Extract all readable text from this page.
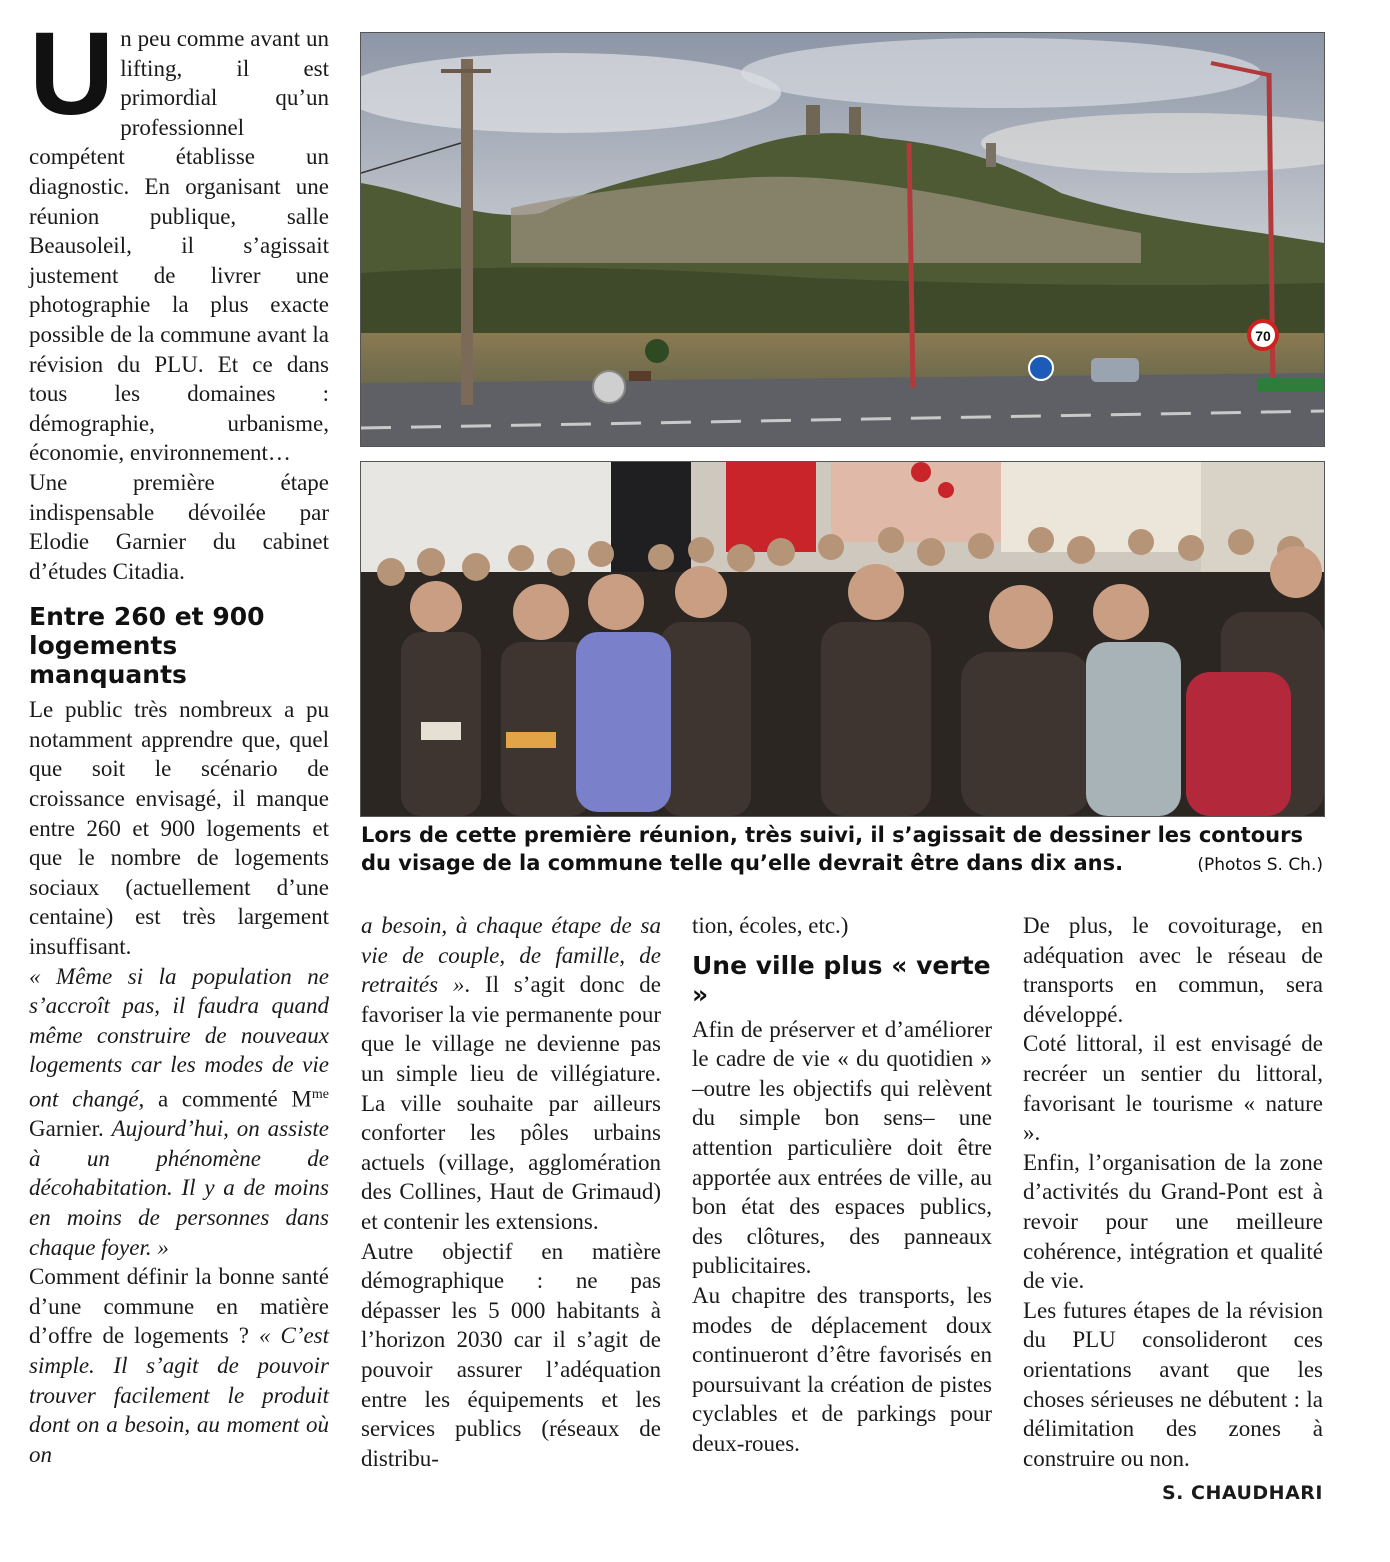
Un peu comme avant un lifting, il est primordial qu’un professionnel compétent établisse un diagnostic. En organisant une réunion publique, salle Beausoleil, il s’agissait justement de livrer une photographie la plus exacte possible de la commune avant la révision du PLU. Et ce dans tous les domaines : démographie, urbanisme, économie, environnement…

Une première étape indispensable dévoilée par Elodie Garnier du cabinet d’études Citadia.

Entre 260 et 900 logements manquants

Le public très nombreux a pu notamment apprendre que, quel que soit le scénario de croissance envisagé, il manque entre 260 et 900 logements et que le nombre de logements sociaux (actuellement d’une centaine) est très largement insuffisant.

« Même si la population ne s’accroît pas, il faudra quand même construire de nouveaux logements car les modes de vie ont changé, a commenté $M^{me}$ Garnier. Aujourd’hui, on assiste à un phénomène de décohabitation. Il y a de moins en moins de personnes dans chaque foyer. »

Comment définir la bonne santé d’une commune en matière d’offre de logements ? « C’est simple. Il s’agit de pouvoir trouver facilement le produit dont on a besoin, au moment où on

70
Lors de cette première réunion, très suivi, il s’agissait de dessiner les contours du visage de la commune telle qu’elle devrait être dans dix ans.	(Photos S. Ch.)

a besoin, à chaque étape de sa vie de couple, de famille, de retraités ». Il s’agit donc de favoriser la vie permanente pour que le village ne devienne pas un simple lieu de villégiature. La ville souhaite par ailleurs conforter les pôles urbains actuels (village, agglomération des Collines, Haut de Grimaud) et contenir les extensions.

Autre objectif en matière démographique : ne pas dépasser les 5 000 habitants à l’horizon 2030 car il s’agit de pouvoir assurer l’adéquation entre les équipements et les services publics (réseaux de distribu-

tion, écoles, etc.)

Une ville plus « verte »

Afin de préserver et d’améliorer le cadre de vie « du quotidien » –outre les objectifs qui relèvent du simple bon sens– une attention particulière doit être apportée aux entrées de ville, au bon état des espaces publics, des clôtures, des panneaux publicitaires.

Au chapitre des transports, les modes de déplacement doux continueront d’être favorisés en poursuivant la création de pistes cyclables et de parkings pour deux-roues.

De plus, le covoiturage, en adéquation avec le réseau de transports en commun, sera développé.

Coté littoral, il est envisagé de recréer un sentier du littoral, favorisant le tourisme « nature ».

Enfin, l’organisation de la zone d’activités du Grand-Pont est à revoir pour une meilleure cohérence, intégration et qualité de vie.

Les futures étapes de la révision du PLU consolideront ces orientations avant que les choses sérieuses ne débutent : la délimitation des zones à construire ou non.

S. CHAUDHARI
